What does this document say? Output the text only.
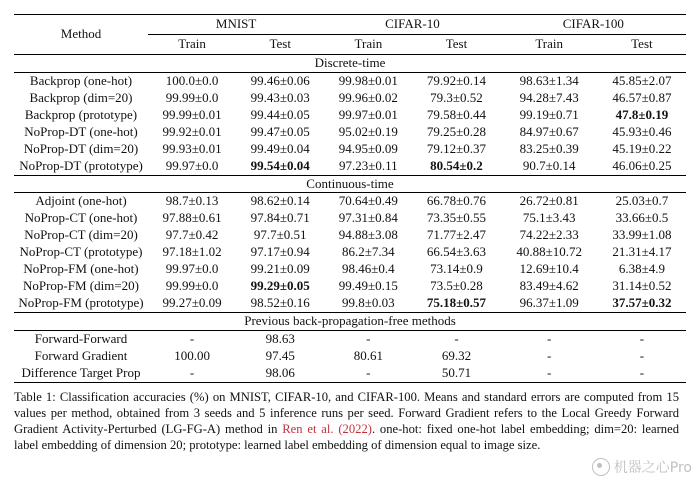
Method	MNIST		CIFAR-10		CIFAR-100	
	Train	Test	Train	Test	Train	Test
Discrete-time						
Backprop (one-hot)	100.0±0.0	99.46±0.06	99.98±0.01	79.92±0.14	98.63±1.34	45.85±2.07
Backprop (dim=20)	99.99±0.0	99.43±0.03	99.96±0.02	79.3±0.52	94.28±7.43	46.57±0.87
Backprop (prototype)	99.99±0.01	99.44±0.05	99.97±0.01	79.58±0.44	99.19±0.71	47.8±0.19
NoProp-DT (one-hot)	99.92±0.01	99.47±0.05	95.02±0.19	79.25±0.28	84.97±0.67	45.93±0.46
NoProp-DT (dim=20)	99.93±0.01	99.49±0.04	94.95±0.09	79.12±0.37	83.25±0.39	45.19±0.22
NoProp-DT (prototype)	99.97±0.0	99.54±0.04	97.23±0.11	80.54±0.2	90.7±0.14	46.06±0.25
Continuous-time						
Adjoint (one-hot)	98.7±0.13	98.62±0.14	70.64±0.49	66.78±0.76	26.72±0.81	25.03±0.7
NoProp-CT (one-hot)	97.88±0.61	97.84±0.71	97.31±0.84	73.35±0.55	75.1±3.43	33.66±0.5
NoProp-CT (dim=20)	97.7±0.42	97.7±0.51	94.88±3.08	71.77±2.47	74.22±2.33	33.99±1.08
NoProp-CT (prototype)	97.18±1.02	97.17±0.94	86.2±7.34	66.54±3.63	40.88±10.72	21.31±4.17
NoProp-FM (one-hot)	99.97±0.0	99.21±0.09	98.46±0.4	73.14±0.9	12.69±10.4	6.38±4.9
NoProp-FM (dim=20)	99.99±0.0	99.29±0.05	99.49±0.15	73.5±0.28	83.49±4.62	31.14±0.52
NoProp-FM (prototype)	99.27±0.09	98.52±0.16	99.8±0.03	75.18±0.57	96.37±1.09	37.57±0.32
Previous back-propagation-free methods						
Forward-Forward	-	98.63	-	-	-	-
Forward Gradient	100.00	97.45	80.61	69.32	-	-
Difference Target Prop	-	98.06	-	50.71	-	-
Table 1: Classification accuracies (%) on MNIST, CIFAR-10, and CIFAR-100. Means and standard errors are computed from 15 values per method, obtained from 3 seeds and 5 inference runs per seed. Forward Gradient refers to the Local Greedy Forward Gradient Activity-Perturbed (LG-FG-A) method in Ren et al. (2022). one-hot: fixed one-hot label embedding; dim=20: learned label embedding of dimension 20; prototype: learned label embedding of dimension equal to image size.
机器之心Pro
